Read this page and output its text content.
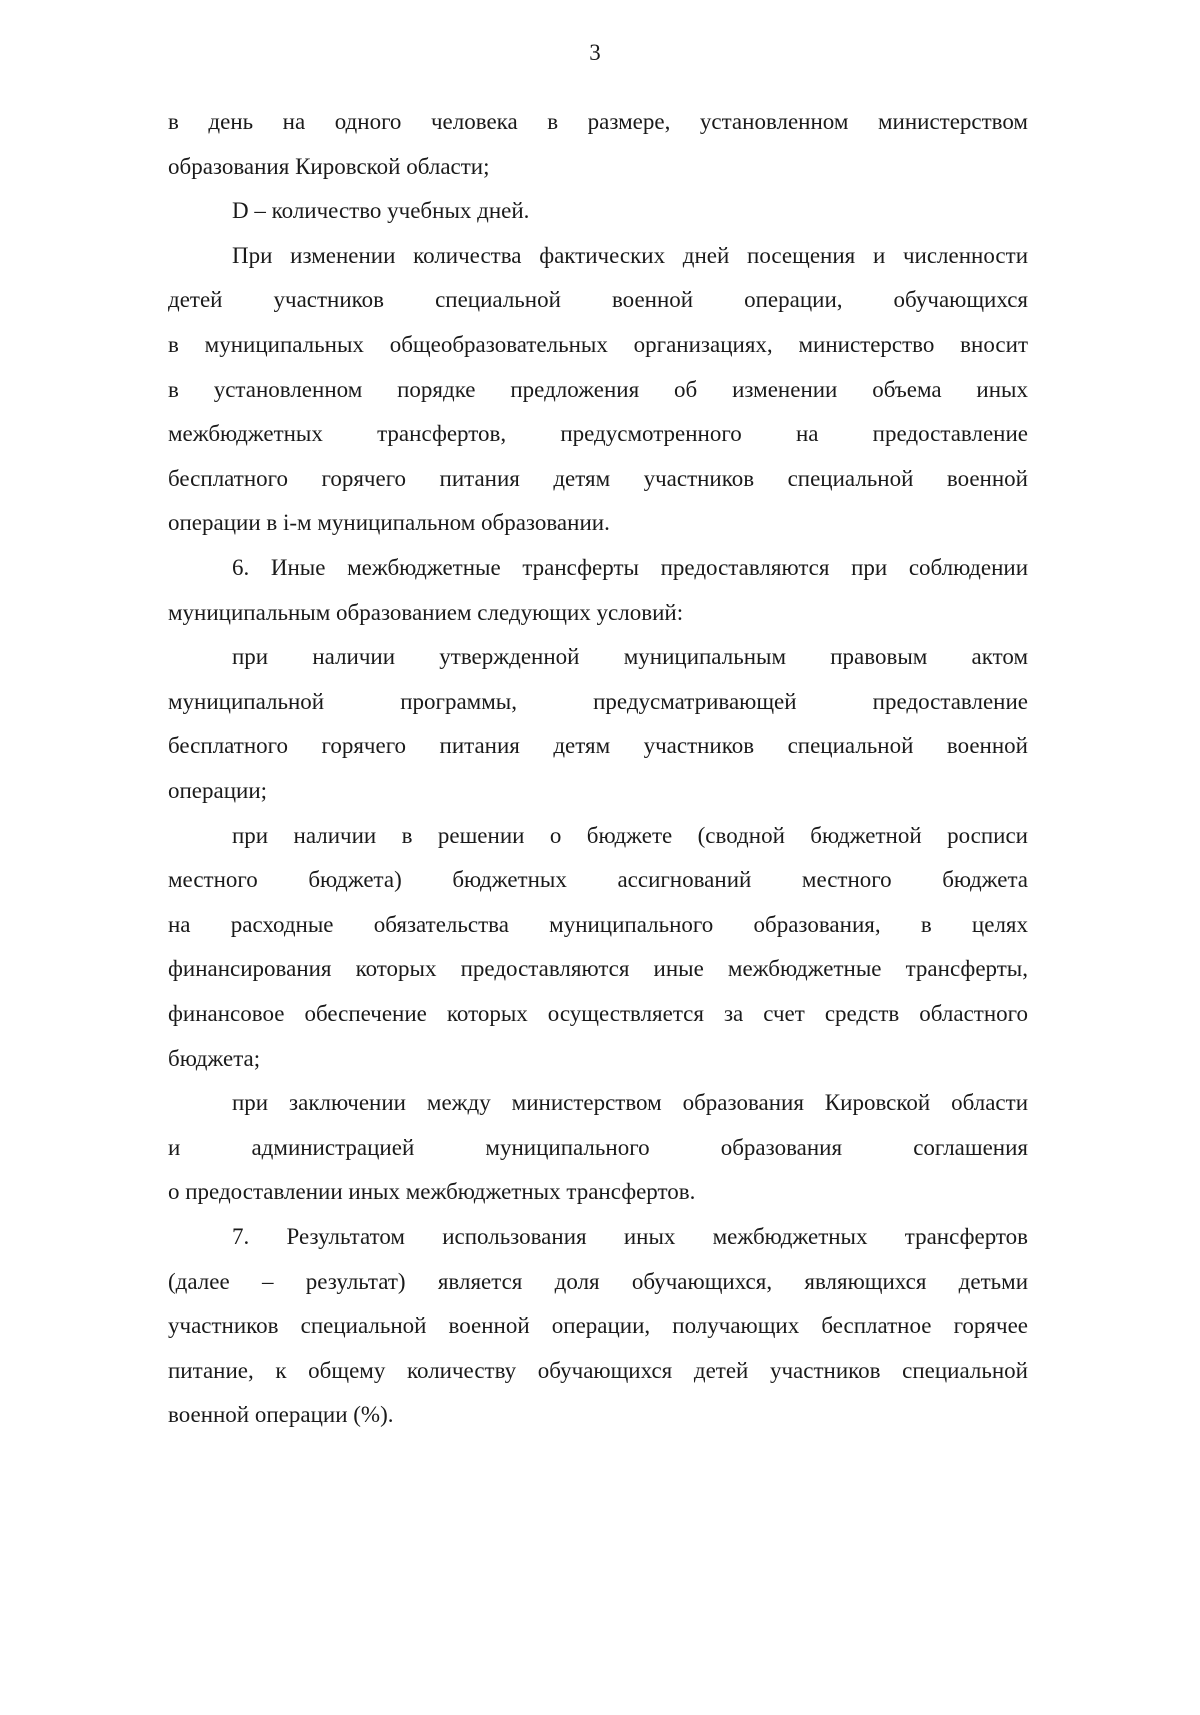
3
в день на одного человека в размере, установленном министерством
образования Кировской области;
D – количество учебных дней.
При изменении количества фактических дней посещения и численности
детей участников специальной военной операции, обучающихся
в муниципальных общеобразовательных организациях, министерство вносит
в установленном порядке предложения об изменении объема иных
межбюджетных трансфертов, предусмотренного на предоставление
бесплатного горячего питания детям участников специальной военной
операции в i-м муниципальном образовании.
6. Иные межбюджетные трансферты предоставляются при соблюдении
муниципальным образованием следующих условий:
при наличии утвержденной муниципальным правовым актом
муниципальной программы, предусматривающей предоставление
бесплатного горячего питания детям участников специальной военной
операции;
при наличии в решении о бюджете (сводной бюджетной росписи
местного бюджета) бюджетных ассигнований местного бюджета
на расходные обязательства муниципального образования, в целях
финансирования которых предоставляются иные межбюджетные трансферты,
финансовое обеспечение которых осуществляется за счет средств областного
бюджета;
при заключении между министерством образования Кировской области
и администрацией муниципального образования соглашения
о предоставлении иных межбюджетных трансфертов.
7. Результатом использования иных межбюджетных трансфертов
(далее – результат) является доля обучающихся, являющихся детьми
участников специальной военной операции, получающих бесплатное горячее
питание, к общему количеству обучающихся детей участников специальной
военной операции (%).
